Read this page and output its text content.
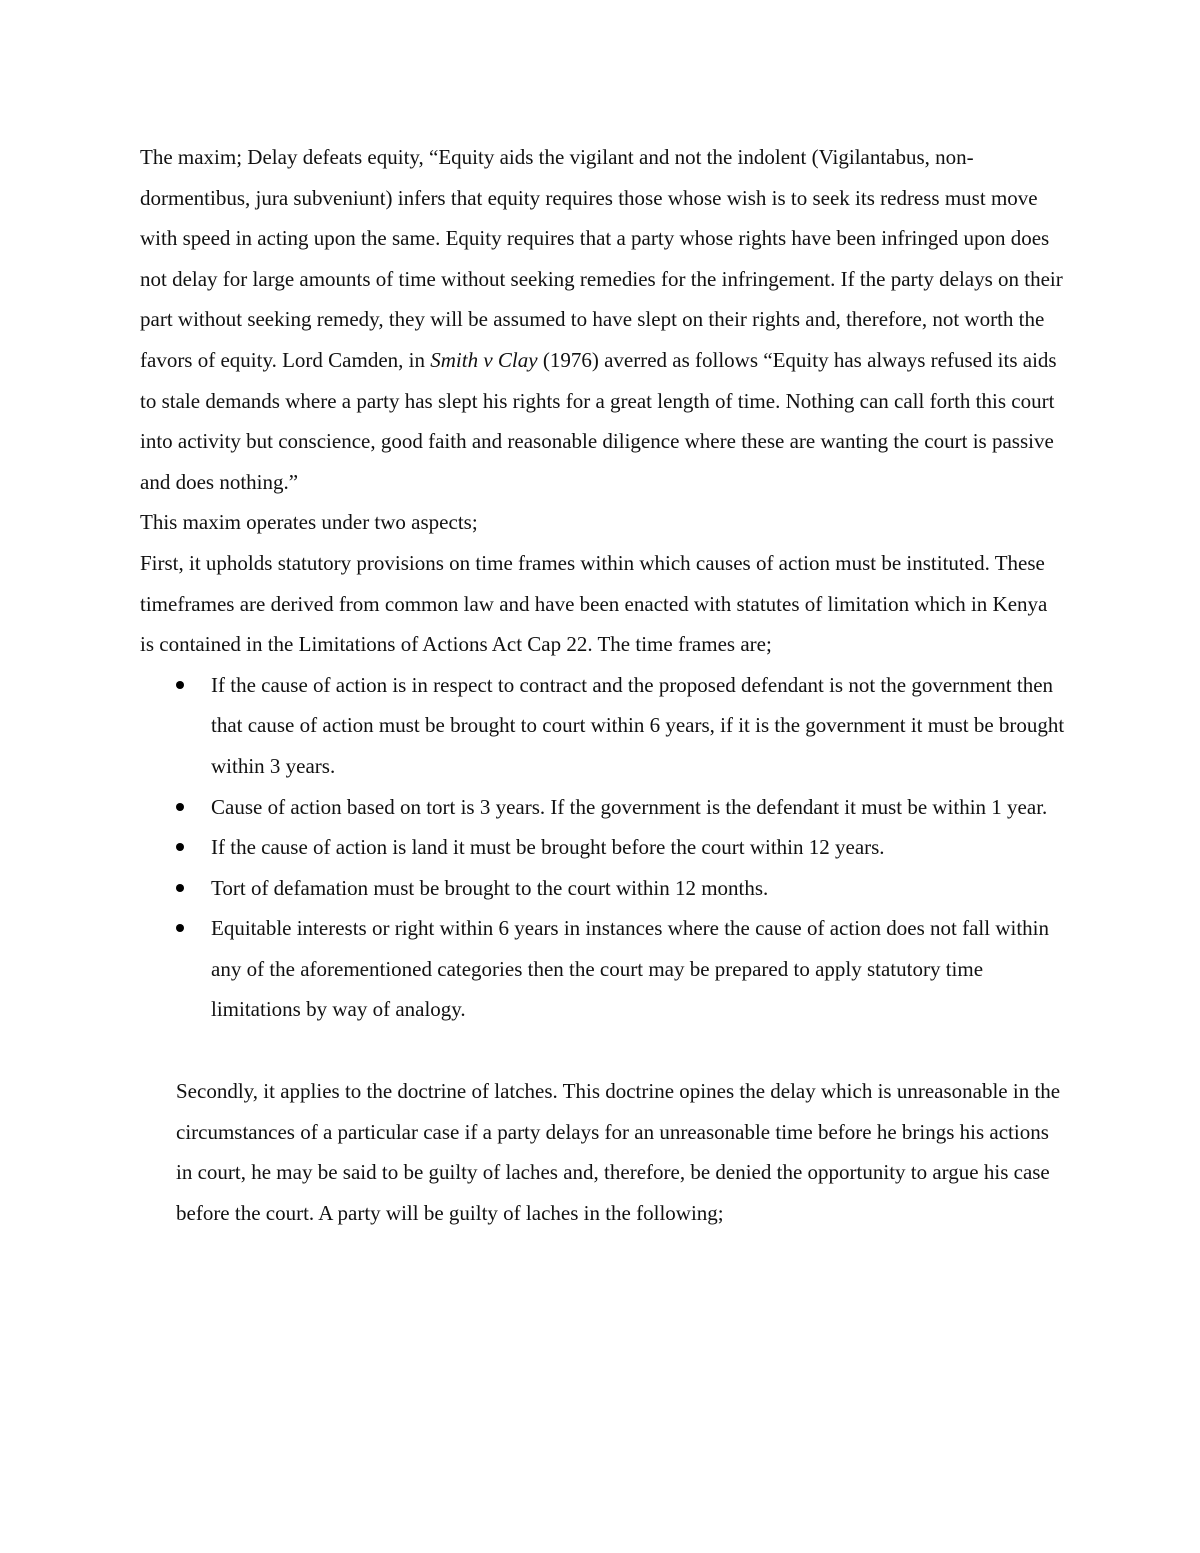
The maxim; Delay defeats equity, “Equity aids the vigilant and not the indolent (Vigilantabus, non-dormentibus, jura subveniunt) infers that equity requires those whose wish is to seek its redress must move with speed in acting upon the same. Equity requires that a party whose rights have been infringed upon does not delay for large amounts of time without seeking remedies for the infringement. If the party delays on their part without seeking remedy, they will be assumed to have slept on their rights and, therefore, not worth the favors of equity. Lord Camden, in Smith v Clay (1976) averred as follows “Equity has always refused its aids to stale demands where a party has slept his rights for a great length of time. Nothing can call forth this court into activity but conscience, good faith and reasonable diligence where these are wanting the court is passive and does nothing.”

This maxim operates under two aspects;

First, it upholds statutory provisions on time frames within which causes of action must be instituted. These timeframes are derived from common law and have been enacted with statutes of limitation which in Kenya is contained in the Limitations of Actions Act Cap 22. The time frames are;

If the cause of action is in respect to contract and the proposed defendant is not the government then that cause of action must be brought to court within 6 years, if it is the government it must be brought within 3 years.
Cause of action based on tort is 3 years. If the government is the defendant it must be within 1 year.
If the cause of action is land it must be brought before the court within 12 years.
Tort of defamation must be brought to the court within 12 months.
Equitable interests or right within 6 years in instances where the cause of action does not fall within any of the aforementioned categories then the court may be prepared to apply statutory time limitations by way of analogy.

Secondly, it applies to the doctrine of latches. This doctrine opines the delay which is unreasonable in the circumstances of a particular case if a party delays for an unreasonable time before he brings his actions in court, he may be said to be guilty of laches and, therefore, be denied the opportunity to argue his case before the court. A party will be guilty of laches in the following;
